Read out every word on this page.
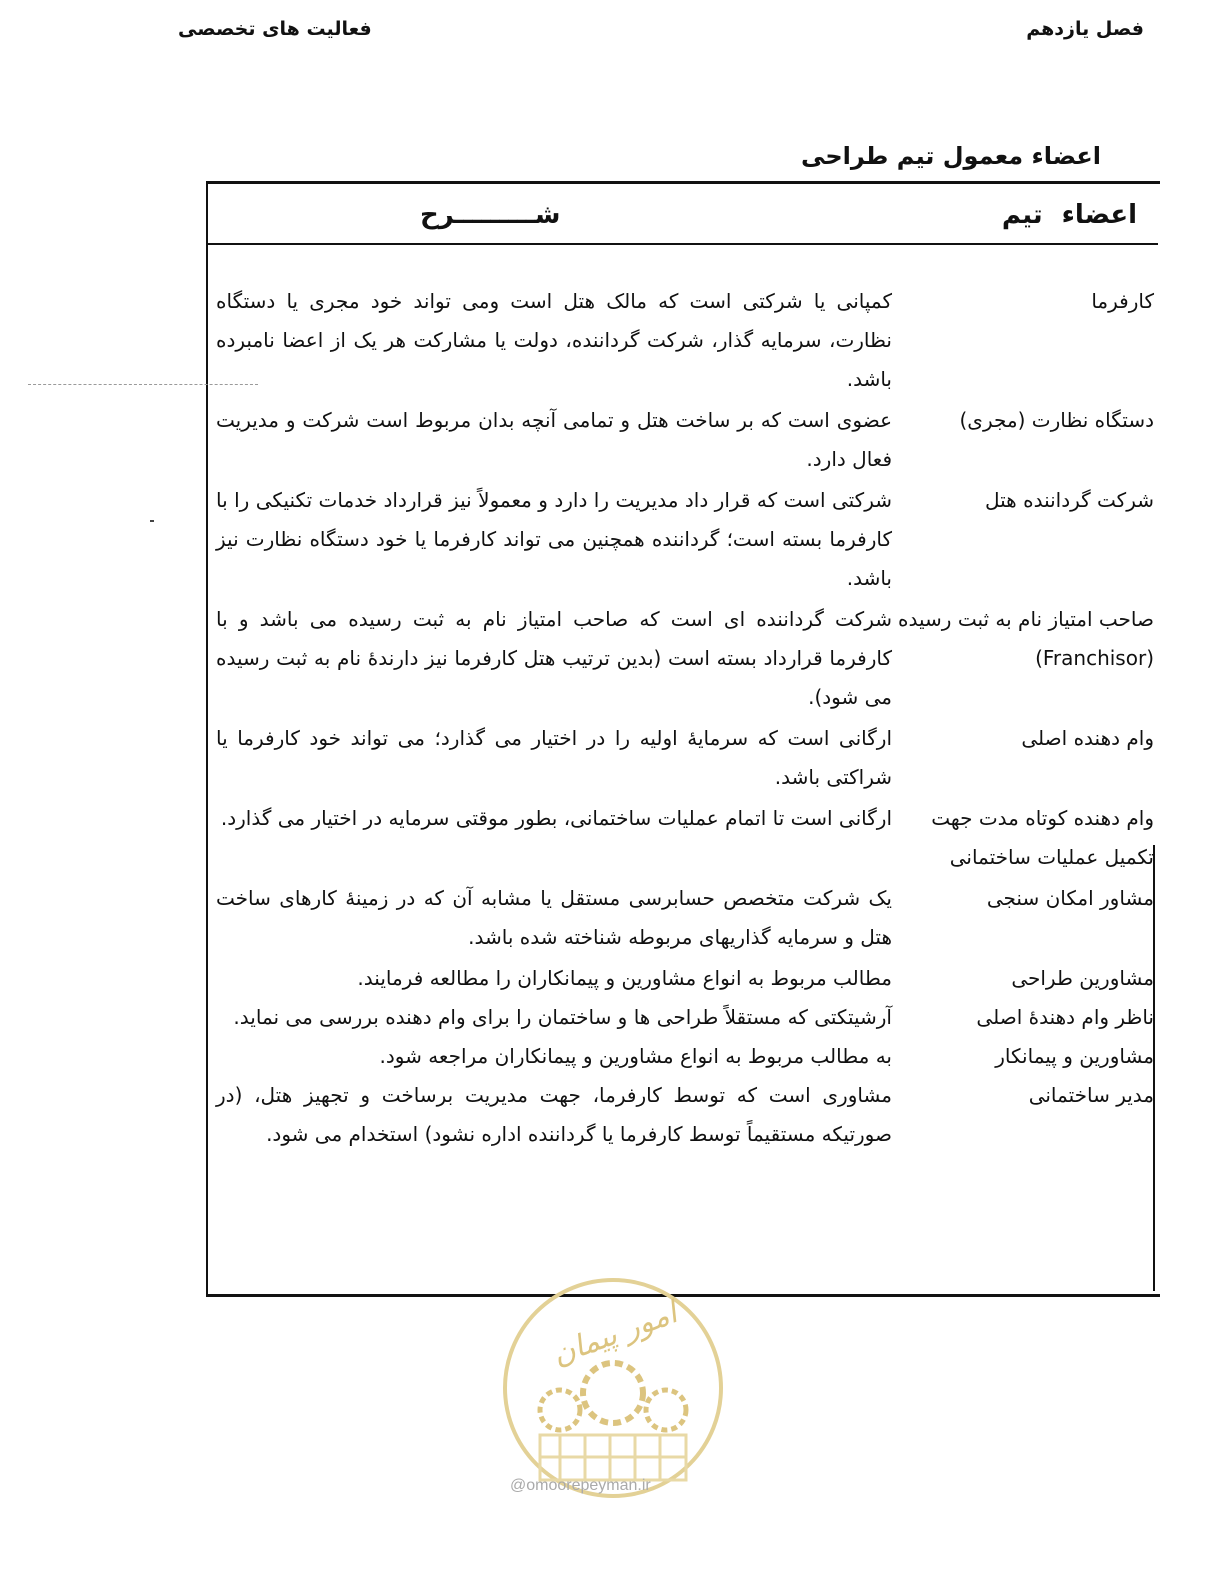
فصل یازدهم
فعالیت های تخصصی
اعضاء معمول تیم طراحی
اعضاء تیم
شـــــــــرح
کارفرما
کمپانی یا شرکتی است که مالک هتل است ومی تواند خود مجری یا دستگاه نظارت، سرمایه گذار، شرکت گرداننده، دولت یا مشارکت هر یک از اعضا نامبرده باشد.
دستگاه نظارت (مجری)
عضوی است که بر ساخت هتل و تمامی آنچه بدان مربوط است شرکت و مدیریت فعال دارد.
شرکت گرداننده هتل
شرکتی است که قرار داد مدیریت را دارد و معمولاً نیز قرارداد خدمات تکنیکی را با کارفرما بسته است؛ گرداننده همچنین می تواند کارفرما یا خود دستگاه نظارت نیز باشد.
صاحب امتیاز نام به ثبت رسیده (Franchisor)
شرکت گرداننده ای است که صاحب امتیاز نام به ثبت رسیده می باشد و با کارفرما قرارداد بسته است (بدین ترتیب هتل کارفرما نیز دارندهٔ نام به ثبت رسیده می شود).
وام دهنده اصلی
ارگانی است که سرمایهٔ اولیه را در اختیار می گذارد؛ می تواند خود کارفرما یا شراکتی باشد.
وام دهنده کوتاه مدت جهت تکمیل عملیات ساختمانی
ارگانی است تا اتمام عملیات ساختمانی، بطور موقتی سرمایه در اختیار می گذارد.
مشاور امکان سنجی
یک شرکت متخصص حسابرسی مستقل یا مشابه آن که در زمینهٔ کارهای ساخت هتل و سرمایه گذاریهای مربوطه شناخته شده باشد.
مشاورین طراحی
مطالب مربوط به انواع مشاورین و پیمانکاران را مطالعه فرمایند.
ناظر وام دهندهٔ اصلی
آرشیتکتی که مستقلاً طراحی ها و ساختمان را برای وام دهنده بررسی می نماید.
مشاورین و پیمانکار
به مطالب مربوط به انواع مشاورین و پیمانکاران مراجعه شود.
مدیر ساختمانی
مشاوری است که توسط کارفرما، جهت مدیریت برساخت و تجهیز هتل، (در صورتیکه مستقیماً توسط کارفرما یا گرداننده اداره نشود) استخدام می شود.
امور پیمان
@omoorepeyman.ir
